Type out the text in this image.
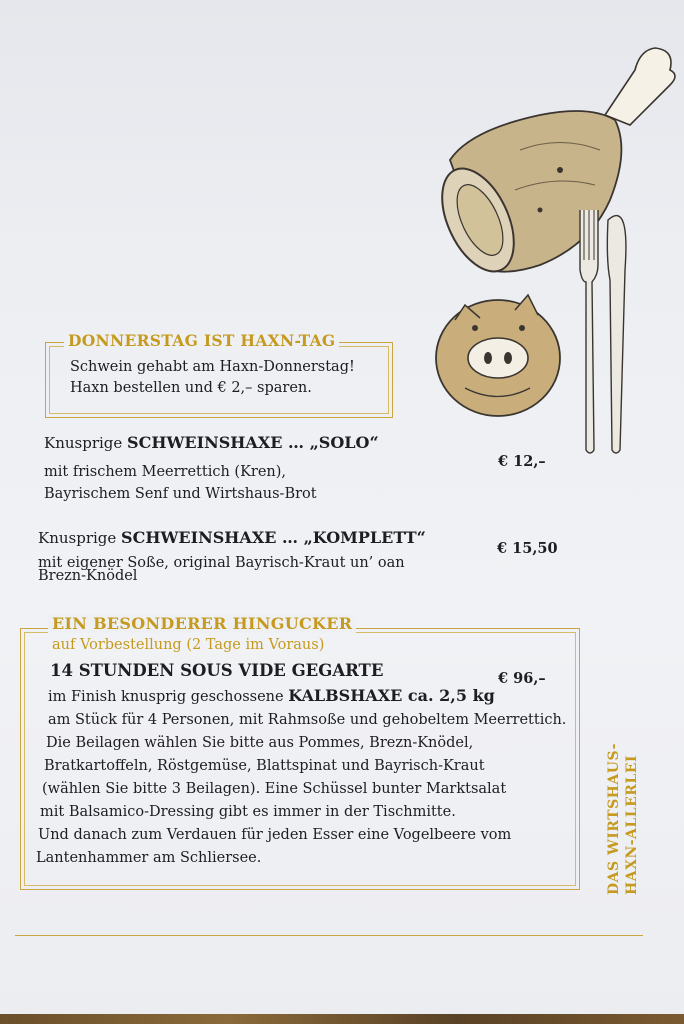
DONNERSTAG IST HAXN-TAG
Schwein gehabt am Haxn-Donnerstag!
Haxn bestellen und € 2,– sparen.
Knusprige SCHWEINSHAXE … „SOLO“
mit frischem Meerrettich (Kren),
Bayrischem Senf und Wirtshaus-Brot
€ 12,–
Knusprige SCHWEINSHAXE … „KOMPLETT“
mit eigener Soße, original Bayrisch-Kraut un’ oan
Brezn-Knödel
€ 15,50
EIN BESONDERER HINGUCKER
auf Vorbestellung (2 Tage im Voraus)
14 STUNDEN SOUS VIDE GEGARTE	€ 96,–
im Finish knusprig geschossene KALBSHAXE ca. 2,5 kg
am Stück für 4 Personen, mit Rahmsoße und gehobeltem Meerrettich.
Die Beilagen wählen Sie bitte aus Pommes, Brezn-Knödel,
Bratkartoffeln, Röstgemüse, Blattspinat und Bayrisch-Kraut
(wählen Sie bitte 3 Beilagen). Eine Schüssel bunter Marktsalat
mit Balsamico-Dressing gibt es immer in der Tischmitte.
Und danach zum Verdauen für jeden Esser eine Vogelbeere vom
Lantenhammer am Schliersee.	DAS WIRTSHAUS- HAXN-ALLERLEI
